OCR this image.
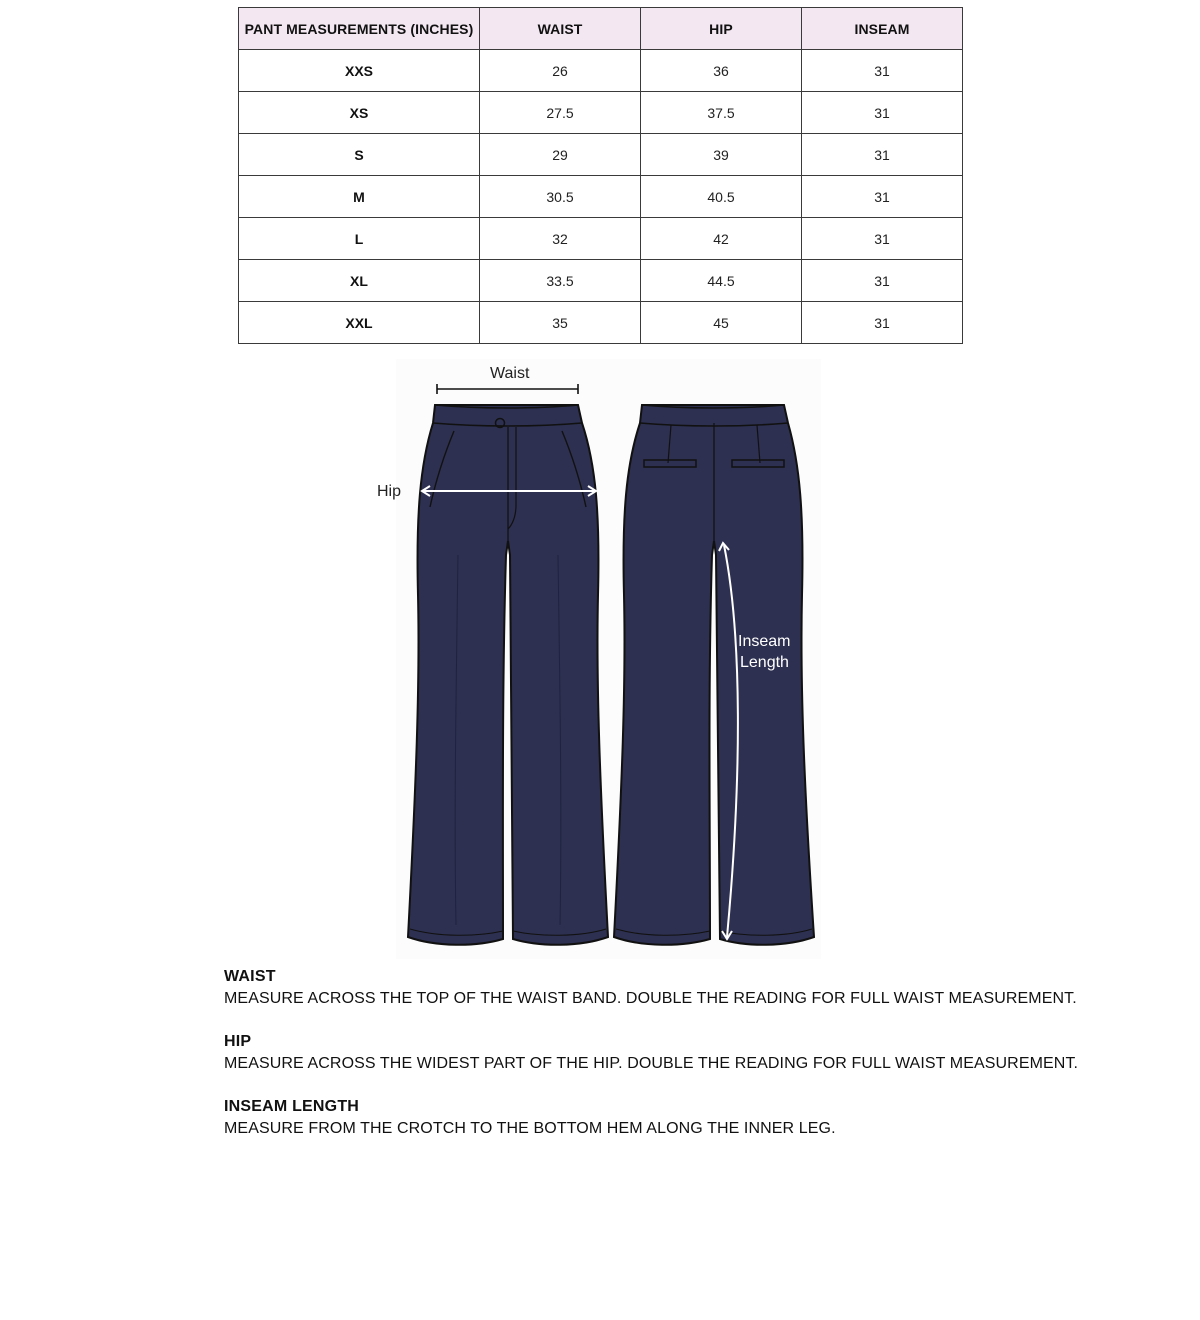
PANT MEASUREMENTS (INCHES)	WAIST	HIP	INSEAM
XXS	26	36	31
XS	27.5	37.5	31
S	29	39	31
M	30.5	40.5	31
L	32	42	31
XL	33.5	44.5	31
XXL	35	45	31
Waist
Hip
Inseam
Length

WAIST

MEASURE ACROSS THE TOP OF THE WAIST BAND. DOUBLE THE READING FOR FULL WAIST MEASUREMENT.

HIP

MEASURE ACROSS THE WIDEST PART OF THE HIP. DOUBLE THE READING FOR FULL WAIST MEASUREMENT.

INSEAM LENGTH

MEASURE FROM THE CROTCH TO THE BOTTOM HEM ALONG THE INNER LEG.
